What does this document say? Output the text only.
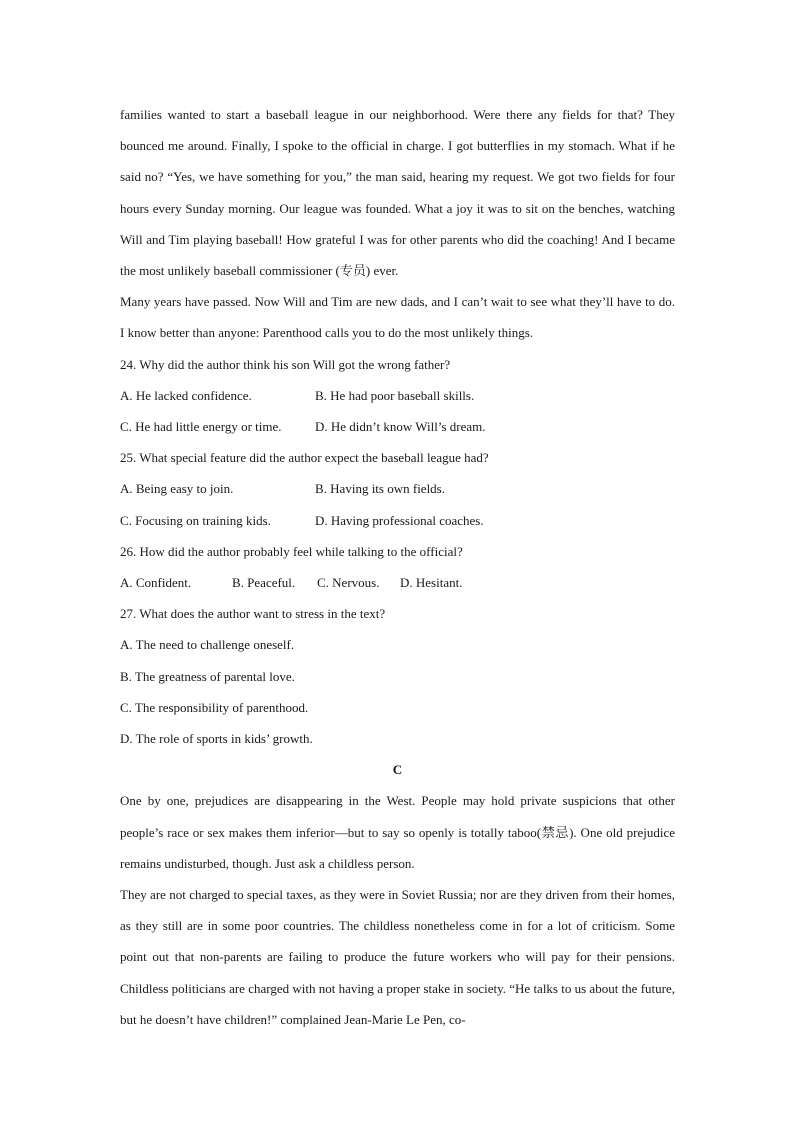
families wanted to start a baseball league in our neighborhood. Were there any fields for that? They bounced me around. Finally, I spoke to the official in charge. I got butterflies in my stomach. What if he said no? “Yes, we have something for you,” the man said, hearing my request. We got two fields for four hours every Sunday morning. Our league was founded. What a joy it was to sit on the benches, watching Will and Tim playing baseball! How grateful I was for other parents who did the coaching! And I became the most unlikely baseball commissioner (专员) ever.

Many years have passed. Now Will and Tim are new dads, and I can’t wait to see what they’ll have to do. I know better than anyone: Parenthood calls you to do the most unlikely things.

24. Why did the author think his son Will got the wrong father?

A. He lacked confidence.	B. He had poor baseball skills.
C. He had little energy or time.	D. He didn’t know Will’s dream.

25. What special feature did the author expect the baseball league had?

A. Being easy to join.	B. Having its own fields.
C. Focusing on training kids.	D. Having professional coaches.

26. How did the author probably feel while talking to the official?

A. Confident.	B. Peaceful.	C. Nervous.	D. Hesitant.

27. What does the author want to stress in the text?

A. The need to challenge oneself.

B. The greatness of parental love.

C. The responsibility of parenthood.

D. The role of sports in kids’ growth.

C

One by one, prejudices are disappearing in the West. People may hold private suspicions that other people’s race or sex makes them inferior—but to say so openly is totally taboo(禁忌). One old prejudice remains undisturbed, though. Just ask a childless person.

They are not charged to special taxes, as they were in Soviet Russia; nor are they driven from their homes, as they still are in some poor countries. The childless nonetheless come in for a lot of criticism. Some point out that non-parents are failing to produce the future workers who will pay for their pensions. Childless politicians are charged with not having a proper stake in society. “He talks to us about the future, but he doesn’t have children!” complained Jean-Marie Le Pen, co-
